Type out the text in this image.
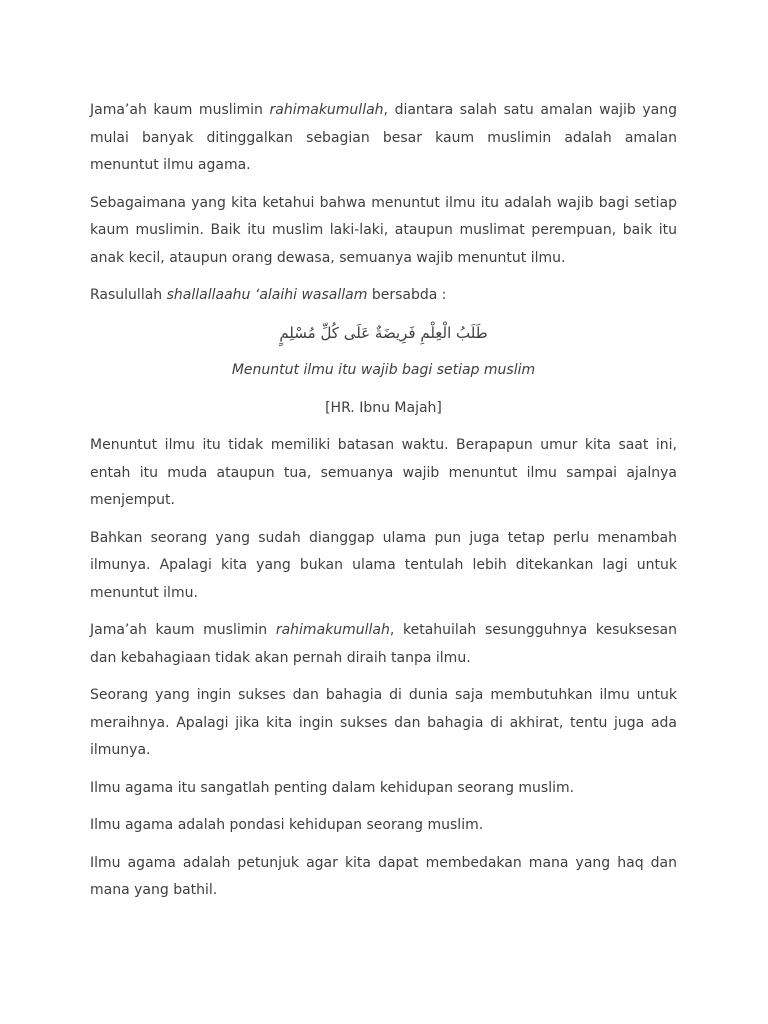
Jama’ah kaum muslimin rahimakumullah, diantara salah satu amalan wajib yang mulai banyak ditinggalkan sebagian besar kaum muslimin adalah amalan menuntut ilmu agama.
Sebagaimana yang kita ketahui bahwa menuntut ilmu itu adalah wajib bagi setiap kaum muslimin. Baik itu muslim laki-laki, ataupun muslimat perempuan, baik itu anak kecil, ataupun orang dewasa, semuanya wajib menuntut ilmu.
Rasulullah shallallaahu ‘alaihi wasallam bersabda :
طَلَبُ الْعِلْمِ فَرِيضَةٌ عَلَى كُلِّ مُسْلِمٍ
Menuntut ilmu itu wajib bagi setiap muslim
[HR. Ibnu Majah]
Menuntut ilmu itu tidak memiliki batasan waktu. Berapapun umur kita saat ini, entah itu muda ataupun tua, semuanya wajib menuntut ilmu sampai ajalnya menjemput.
Bahkan seorang yang sudah dianggap ulama pun juga tetap perlu menambah ilmunya. Apalagi kita yang bukan ulama tentulah lebih ditekankan lagi untuk menuntut ilmu.
Jama’ah kaum muslimin rahimakumullah, ketahuilah sesungguhnya kesuksesan dan kebahagiaan tidak akan pernah diraih tanpa ilmu.
Seorang yang ingin sukses dan bahagia di dunia saja membutuhkan ilmu untuk meraihnya. Apalagi jika kita ingin sukses dan bahagia di akhirat, tentu juga ada ilmunya.
Ilmu agama itu sangatlah penting dalam kehidupan seorang muslim.
Ilmu agama adalah pondasi kehidupan seorang muslim.
Ilmu agama adalah petunjuk agar kita dapat membedakan mana yang haq dan mana yang bathil.
